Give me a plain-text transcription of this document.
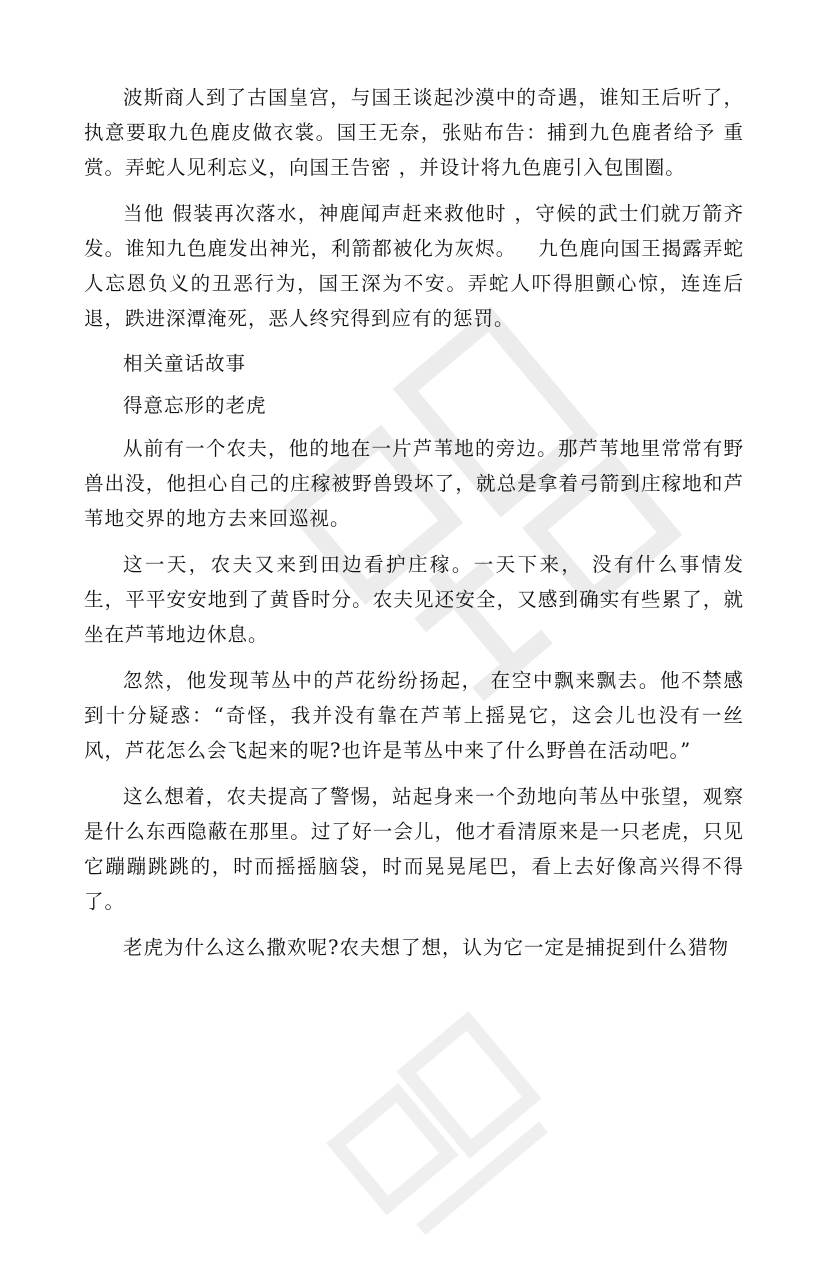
波斯商人到了古国皇宫，与国王谈起沙漠中的奇遇，谁知王后听了，执意要取九色鹿皮做衣裳。国王无奈，张贴布告：捕到九色鹿者给予 重赏。弄蛇人见利忘义，向国王告密 ，并设计将九色鹿引入包围圈。

当他 假装再次落水，神鹿闻声赶来救他时 ，守候的武士们就万箭齐发。谁知九色鹿发出神光，利箭都被化为灰烬。   九色鹿向国王揭露弄蛇人忘恩负义的丑恶行为，国王深为不安。弄蛇人吓得胆颤心惊，连连后退，跌进深潭淹死，恶人终究得到应有的惩罚。

相关童话故事

得意忘形的老虎

从前有一个农夫，他的地在一片芦苇地的旁边。那芦苇地里常常有野兽出没，他担心自己的庄稼被野兽毁坏了，就总是拿着弓箭到庄稼地和芦苇地交界的地方去来回巡视。

这一天，农夫又来到田边看护庄稼。一天下来， 没有什么事情发生，平平安安地到了黄昏时分。农夫见还安全，又感到确实有些累了，就坐在芦苇地边休息。

忽然，他发现苇丛中的芦花纷纷扬起， 在空中飘来飘去。他不禁感到十分疑惑：“奇怪，我并没有靠在芦苇上摇晃它，这会儿也没有一丝风，芦花怎么会飞起来的呢?也许是苇丛中来了什么野兽在活动吧。”

这么想着，农夫提高了警惕，站起身来一个劲地向苇丛中张望，观察是什么东西隐蔽在那里。过了好一会儿，他才看清原来是一只老虎，只见它蹦蹦跳跳的，时而摇摇脑袋，时而晃晃尾巴，看上去好像高兴得不得了。

老虎为什么这么撒欢呢?农夫想了想，认为它一定是捕捉到什么猎物
